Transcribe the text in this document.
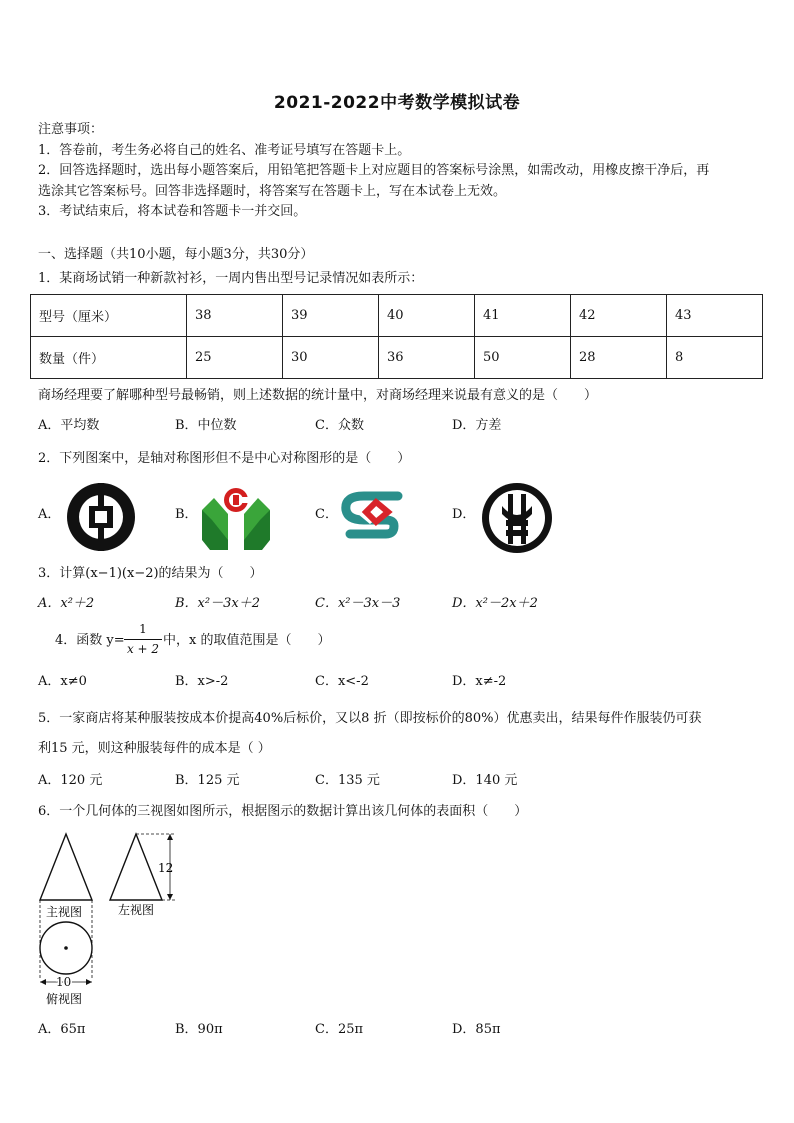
2021-2022中考数学模拟试卷
注意事项：
1．答卷前，考生务必将自己的姓名、准考证号填写在答题卡上。
2．回答选择题时，选出每小题答案后，用铅笔把答题卡上对应题目的答案标号涂黑，如需改动，用橡皮擦干净后，再
选涂其它答案标号。回答非选择题时，将答案写在答题卡上，写在本试卷上无效。
3．考试结束后，将本试卷和答题卡一并交回。
一、选择题（共10小题，每小题3分，共30分）
1．某商场试销一种新款衬衫，一周内售出型号记录情况如表所示：
型号（厘米）	38	39	40	41	42	43
数量（件）	25	30	36	50	28	8
商场经理要了解哪种型号最畅销，则上述数据的统计量中，对商场经理来说最有意义的是（　　）
A．平均数	B．中位数	C．众数	D．方差
2．下列图案中，是轴对称图形但不是中心对称图形的是（　　）
A．	B．	C．	D．
3．计算(x−1)(x−2)的结果为（　　）
A．x²＋2	B．x²－3x＋2	C．x²－3x－3	D．x²－2x＋2
4．函数 $y= \frac{1}{x + 2}$ 中，x 的取值范围是（　　）
A．x≠0	B．x>-2	C．x<-2	D．x≠-2
5．一家商店将某种服装按成本价提高40%后标价，又以8 折（即按标价的80%）优惠卖出，结果每件作服装仍可获
利15 元，则这种服装每件的成本是（ ）
A．120 元	B．125 元	C．135 元	D．140 元
6．一个几何体的三视图如图所示，根据图示的数据计算出该几何体的表面积（　　）
12
主视图	左视图
10
俯视图
A．65π	B．90π	C．25π	D．85π
